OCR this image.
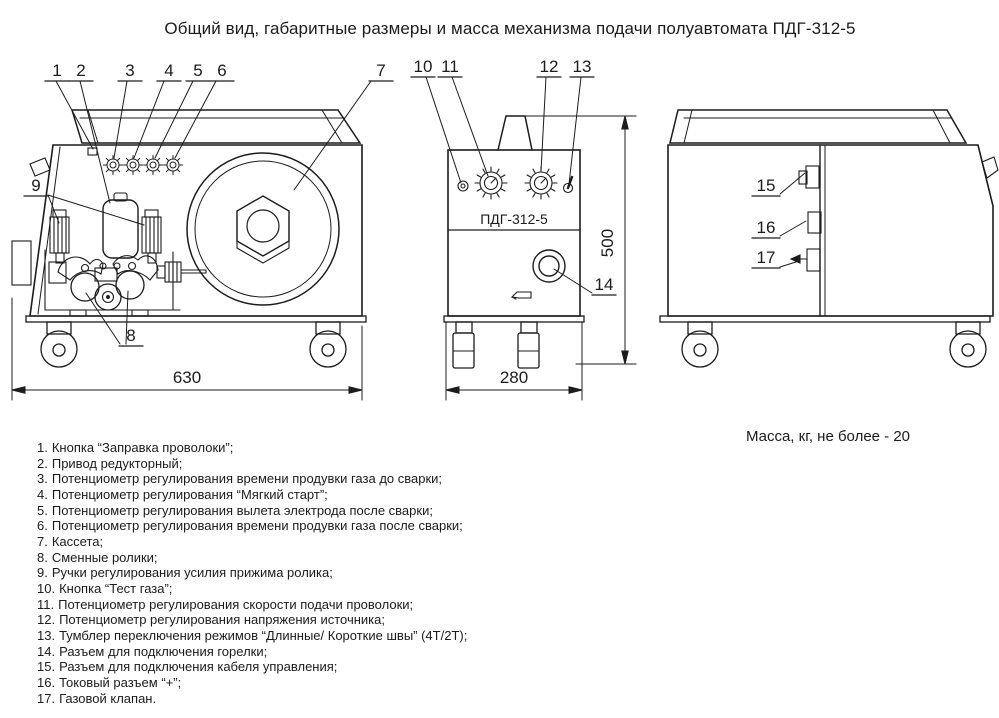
Общий вид, габаритные размеры и масса механизма подачи полуавтомата ПДГ-312-5
ПДГ-312-5
630	280
500
1 2 3 4 5 6	7
8
9
10 11	12 13
14
15
16
17
Масса, кг, не более - 20
1. Кнопка “Заправка проволоки”;
2. Привод редукторный;
3. Потенциометр регулирования времени продувки газа до сварки;
4. Потенциометр регулирования “Мягкий старт”;
5. Потенциометр регулирования вылета электрода после сварки;
6. Потенциометр регулирования времени продувки газа после сварки;
7. Кассета;
8. Сменные ролики;
9. Ручки регулирования усилия прижима ролика;
10. Кнопка “Тест газа”;
11. Потенциометр регулирования скорости подачи проволоки;
12. Потенциометр регулирования напряжения источника;
13. Тумблер переключения режимов “Длинные/ Короткие швы” (4Т/2Т);
14. Разъем для подключения горелки;
15. Разъем для подключения кабеля управления;
16. Токовый разъем “+”;
17. Газовой клапан.
